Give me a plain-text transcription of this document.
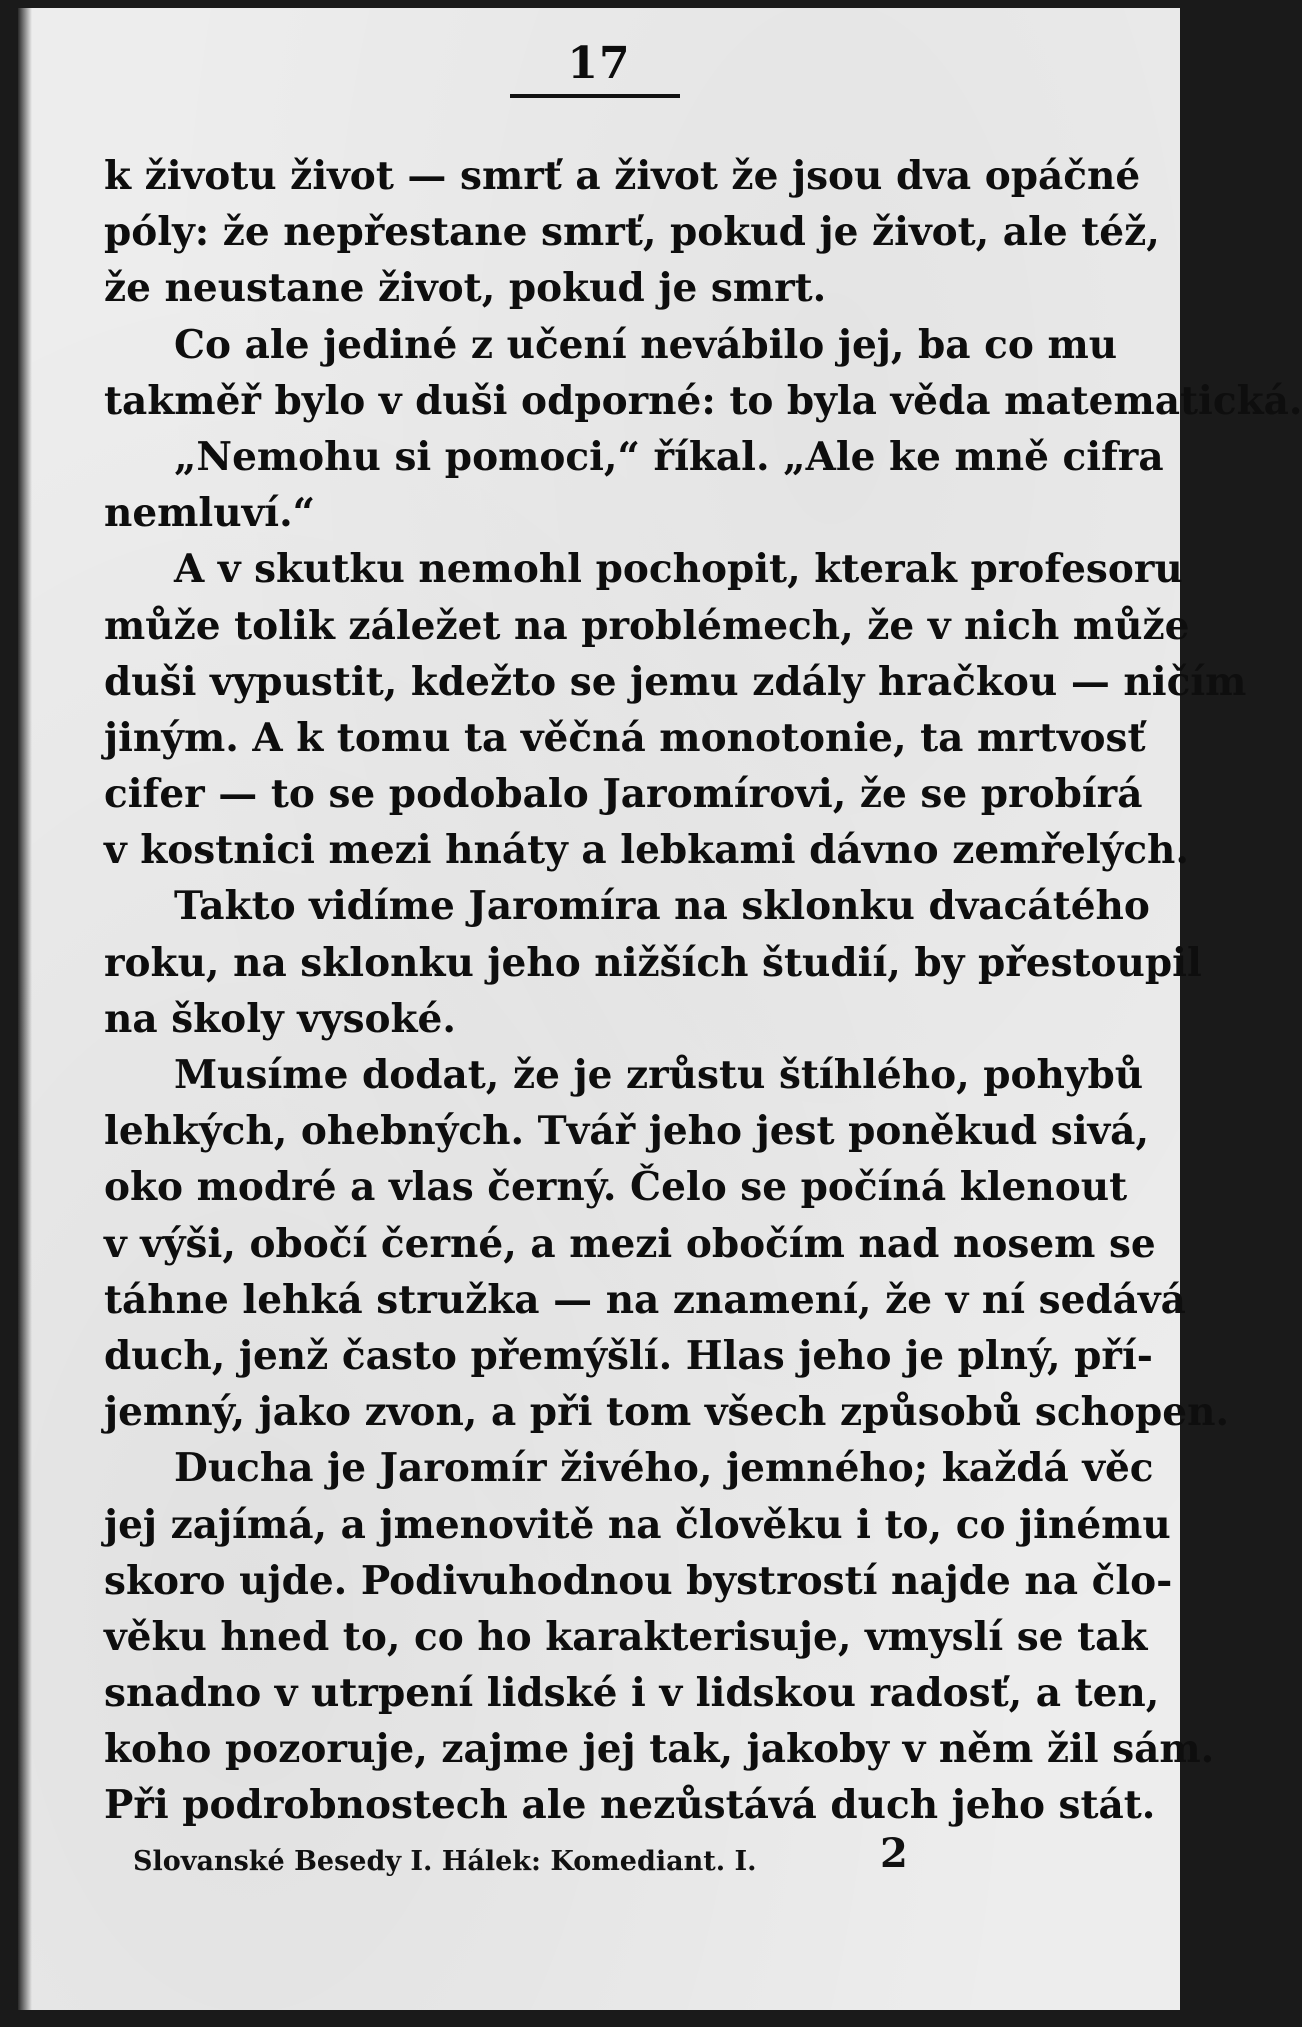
17
k životu život — smrť a život že jsou dva opáčné
póly: že nepřestane smrť, pokud je život, ale též,
že neustane život, pokud je smrt.
Co ale jediné z učení nevábilo jej, ba co mu
takměř bylo v duši odporné: to byla věda matematická.
„Nemohu si pomoci,“ říkal. „Ale ke mně cifra
nemluví.“
A v skutku nemohl pochopit, kterak profesoru
může tolik záležet na problémech, že v nich může
duši vypustit, kdežto se jemu zdály hračkou — ničím
jiným. A k tomu ta věčná monotonie, ta mrtvosť
cifer — to se podobalo Jaromírovi, že se probírá
v kostnici mezi hnáty a lebkami dávno zemřelých.
Takto vidíme Jaromíra na sklonku dvacátého
roku, na sklonku jeho nižších študií, by přestoupil
na školy vysoké.
Musíme dodat, že je zrůstu štíhlého, pohybů
lehkých, ohebných. Tvář jeho jest poněkud sivá,
oko modré a vlas černý. Čelo se počíná klenout
v výši, obočí černé, a mezi obočím nad nosem se
táhne lehká stružka — na znamení, že v ní sedává
duch, jenž často přemýšlí. Hlas jeho je plný, pří-
jemný, jako zvon, a při tom všech způsobů schopen.
Ducha je Jaromír živého, jemného; každá věc
jej zajímá, a jmenovitě na člověku i to, co jinému
skoro ujde. Podivuhodnou bystrostí najde na člo-
věku hned to, co ho karakterisuje, vmyslí se tak
snadno v utrpení lidské i v lidskou radosť, a ten,
koho pozoruje, zajme jej tak, jakoby v něm žil sám.
Při podrobnostech ale nezůstává duch jeho stát.
Slovanské Besedy I. Hálek: Komediant. I.	2
